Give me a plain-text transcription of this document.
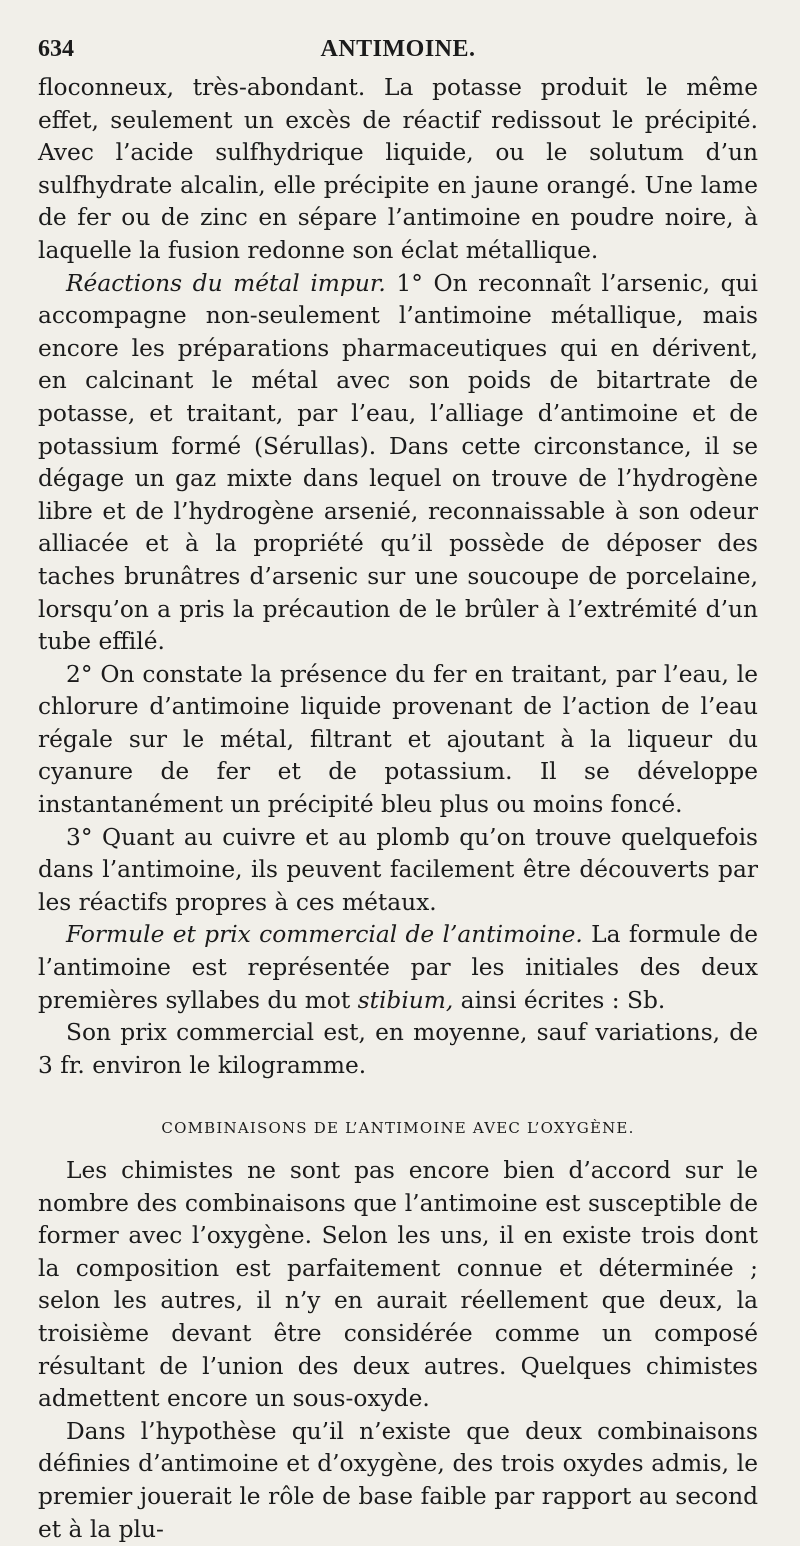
634	ANTIMOINE.

floconneux, très-abondant. La potasse produit le même effet, seulement un excès de réactif redissout le précipité. Avec l’acide sulfhydrique liquide, ou le solutum d’un sulfhydrate alcalin, elle précipite en jaune orangé. Une lame de fer ou de zinc en sépare l’antimoine en poudre noire, à laquelle la fusion redonne son éclat métallique.

Réactions du métal impur. 1° On reconnaît l’arsenic, qui accompagne non-seulement l’antimoine métallique, mais encore les préparations pharmaceutiques qui en dérivent, en calcinant le métal avec son poids de bitartrate de potasse, et traitant, par l’eau, l’alliage d’antimoine et de potassium formé (Sérullas). Dans cette circonstance, il se dégage un gaz mixte dans lequel on trouve de l’hydrogène libre et de l’hydrogène arsenié, reconnaissable à son odeur alliacée et à la propriété qu’il possède de déposer des taches brunâtres d’arsenic sur une soucoupe de porcelaine, lorsqu’on a pris la précaution de le brûler à l’extrémité d’un tube effilé.

2° On constate la présence du fer en traitant, par l’eau, le chlorure d’antimoine liquide provenant de l’action de l’eau régale sur le métal, filtrant et ajoutant à la liqueur du cyanure de fer et de potassium. Il se développe instantanément un précipité bleu plus ou moins foncé.

3° Quant au cuivre et au plomb qu’on trouve quelquefois dans l’antimoine, ils peuvent facilement être découverts par les réactifs propres à ces métaux.

Formule et prix commercial de l’antimoine. La formule de l’antimoine est représentée par les initiales des deux premières syllabes du mot stibium, ainsi écrites : Sb.

Son prix commercial est, en moyenne, sauf variations, de 3 fr. environ le kilogramme.

COMBINAISONS DE L’ANTIMOINE AVEC L’OXYGÈNE.

Les chimistes ne sont pas encore bien d’accord sur le nombre des combinaisons que l’antimoine est susceptible de former avec l’oxygène. Selon les uns, il en existe trois dont la composition est parfaitement connue et déterminée ; selon les autres, il n’y en aurait réellement que deux, la troisième devant être considérée comme un composé résultant de l’union des deux autres. Quelques chimistes admettent encore un sous-oxyde.

Dans l’hypothèse qu’il n’existe que deux combinaisons définies d’antimoine et d’oxygène, des trois oxydes admis, le premier jouerait le rôle de base faible par rapport au second et à la plu-
